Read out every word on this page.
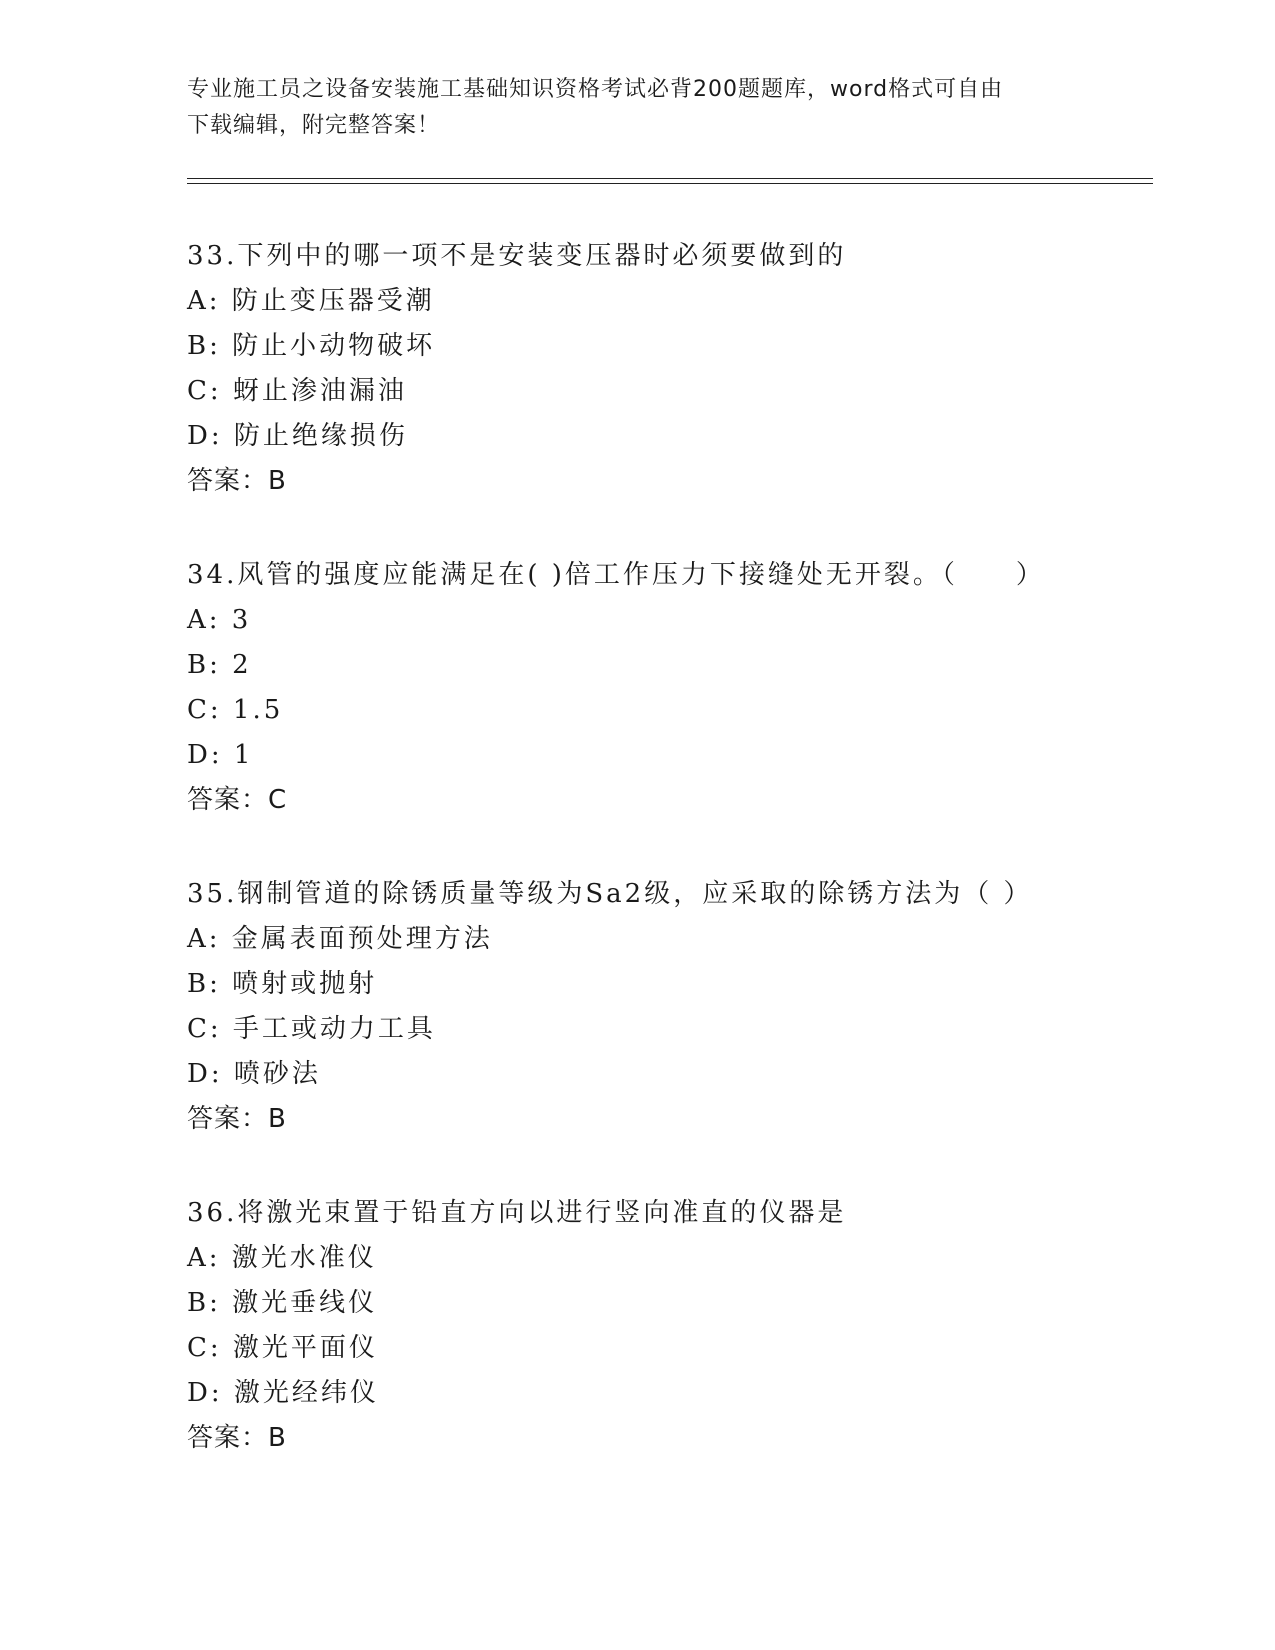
专业施工员之设备安装施工基础知识资格考试必背200题题库，word格式可自由
下载编辑，附完整答案！
33.下列中的哪一项不是安装变压器时必须要做到的
A: 防止变压器受潮
B: 防止小动物破坏
C: 蚜止渗油漏油
D: 防止绝缘损伤
答案：B
34.风管的强度应能满足在( )倍工作压力下接缝处无开裂。（　　）
A: 3
B: 2
C: 1.5
D: 1
答案：C
35.钢制管道的除锈质量等级为Sa2级，应采取的除锈方法为（ ）
A: 金属表面预处理方法
B: 喷射或抛射
C: 手工或动力工具
D: 喷砂法
答案：B
36.将激光束置于铅直方向以进行竖向准直的仪器是
A: 激光水准仪
B: 激光垂线仪
C: 激光平面仪
D: 激光经纬仪
答案：B
